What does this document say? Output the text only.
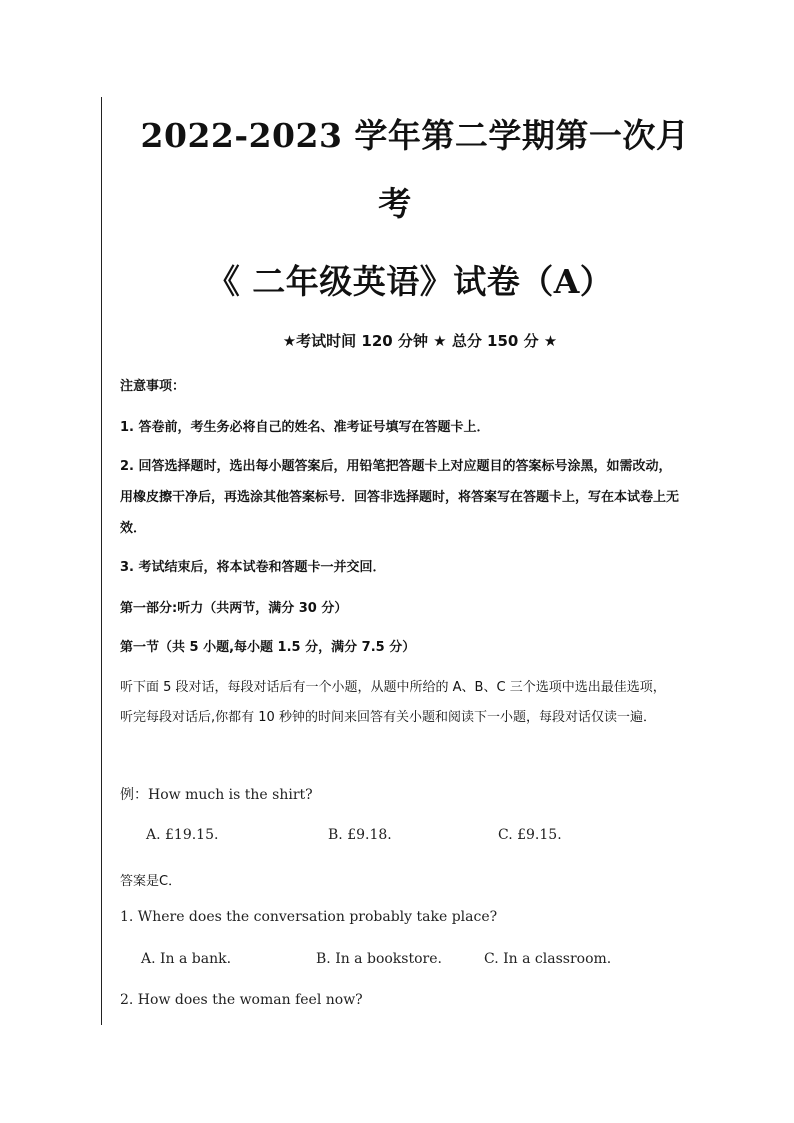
2022-2023 学年第二学期第一次月
考
《 二年级英语》试卷（A）
★考试时间 120 分钟 ★ 总分 150 分 ★
注意事项：
1. 答卷前，考生务必将自己的姓名、准考证号填写在答题卡上．
2. 回答选择题时，选出每小题答案后，用铅笔把答题卡上对应题目的答案标号涂黑，如需改动，用橡皮擦干净后，再选涂其他答案标号．回答非选择题时，将答案写在答题卡上，写在本试卷上无效．
3. 考试结束后，将本试卷和答题卡一并交回．
第一部分:听力（共两节，满分 30 分）
第一节（共 5 小题,每小题 1.5 分，满分 7.5 分）
听下面 5 段对话，每段对话后有一个小题，从题中所给的 A、B、C 三个选项中选出最佳选项， 听完每段对话后,你都有 10 秒钟的时间来回答有关小题和阅读下一小题，每段对话仅读一遍．
例：How much is the shirt?
A. £19.15.	B. £9.18.	C. £9.15.
答案是C．
1. Where does the conversation probably take place?
A. In a bank.	B. In a bookstore.	C. In a classroom.
2. How does the woman feel now?
